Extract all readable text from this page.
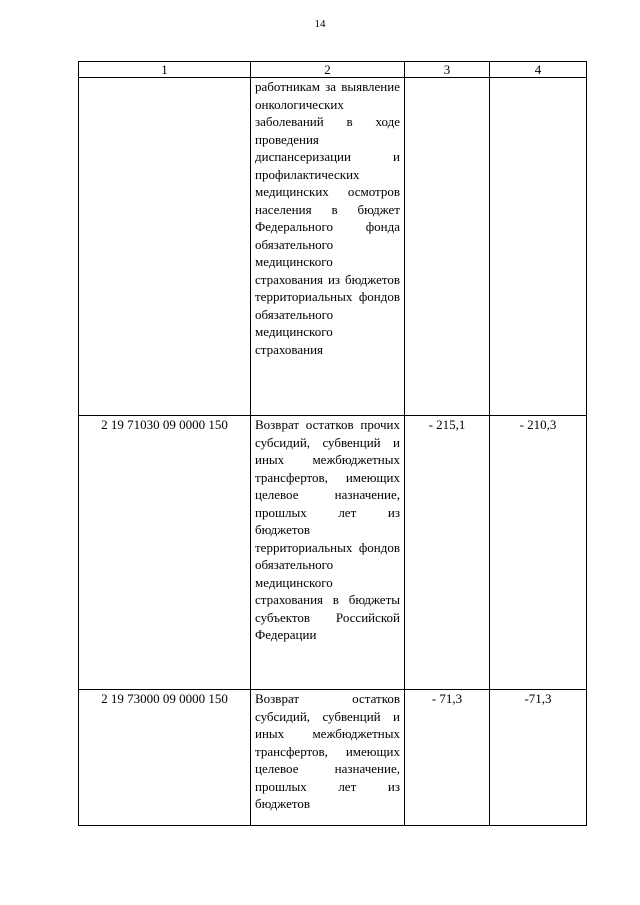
14
1	2	3	4
	работникам за выявление онкологических заболеваний в ходе проведения диспансеризации и профилактических медицинских осмотров населения в бюджет Федерального фонда обязательного медицинского страхования из бюджетов территориальных фондов обязательного медицинского страхования		
2 19 71030 09 0000 150	Возврат остатков прочих субсидий, субвенций и иных межбюджетных трансфертов, имеющих целевое назначение, прошлых лет из бюджетов территориальных фондов обязательного медицинского страхования в бюджеты субъектов Российской Федерации	- 215,1	- 210,3
2 19 73000 09 0000 150	Возврат остатков субсидий, субвенций и иных межбюджетных трансфертов, имеющих целевое назначение, прошлых лет из бюджетов	- 71,3	-71,3
